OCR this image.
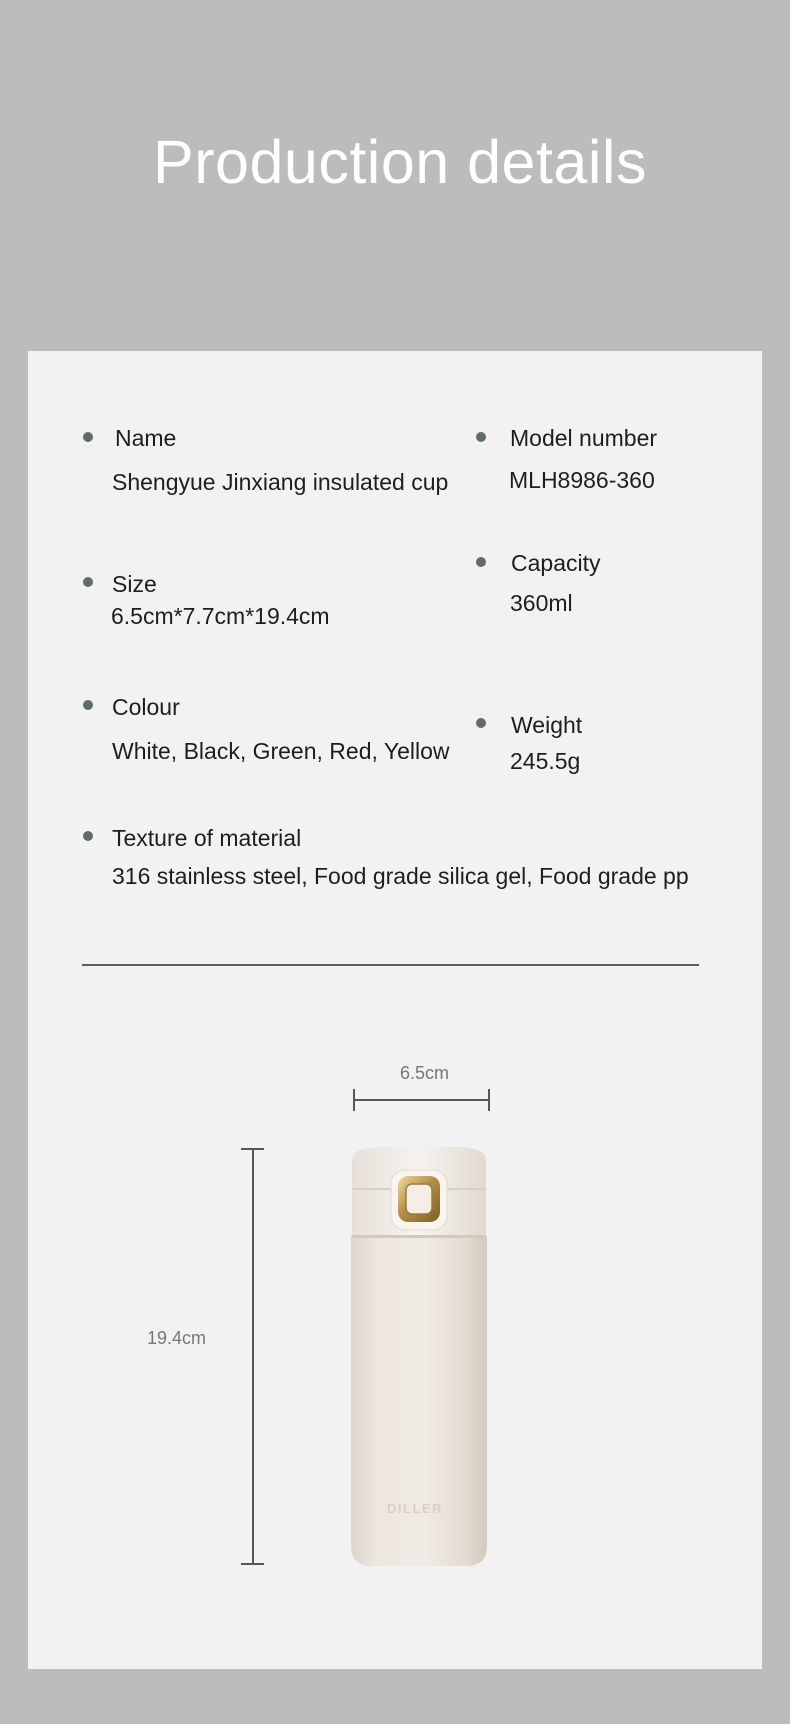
Production details
Name
Shengyue Jinxiang insulated cup
Model number
MLH8986-360
Size
6.5cm*7.7cm*19.4cm
Capacity
360ml
Colour
White, Black, Green, Red, Yellow
Weight
245.5g
Texture of material
316 stainless steel, Food grade silica gel, Food grade pp
6.5cm
19.4cm
DILLER
